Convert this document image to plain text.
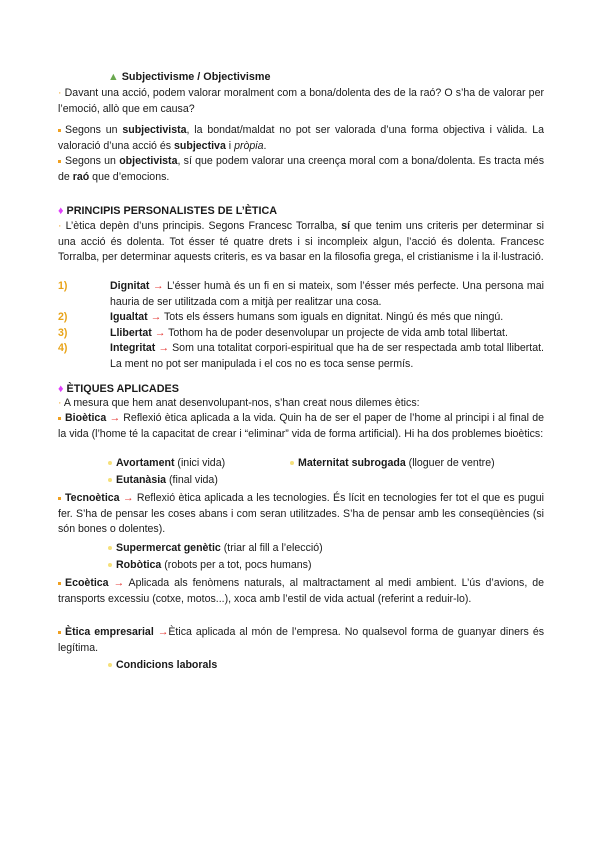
▲ Subjectivisme / Objectivisme
· Davant una acció, podem valorar moralment com a bona/dolenta des de la raó? O s’ha de valorar per l’emoció, allò que em causa?
Segons un subjectivista, la bondat/maldat no pot ser valorada d’una forma objectiva i vàlida. La valoració d’una acció és subjectiva i pròpia.
Segons un objectivista, sí que podem valorar una creença moral com a bona/dolenta. Es tracta més de raó que d’emocions.
♦ PRINCIPIS PERSONALISTES DE L’ÈTICA
· L’ètica depèn d’uns principis. Segons Francesc Torralba, sí que tenim uns criteris per determinar si una acció és dolenta. Tot ésser té quatre drets i si incompleix algun, l’acció és dolenta. Francesc Torralba, per determinar aquests criteris, es va basar en la filosofia grega, el cristianisme i la il·lustració.
1)	Dignitat → L’ésser humà és un fi en si mateix, som l’ésser més perfecte. Una persona mai hauria de ser utilitzada com a mitjà per realitzar una cosa.
2)	Igualtat → Tots els éssers humans som iguals en dignitat. Ningú és més que ningú.
3)	Llibertat → Tothom ha de poder desenvolupar un projecte de vida amb total llibertat.
4)	Integritat → Som una totalitat corpori-espiritual que ha de ser respectada amb total llibertat. La ment no pot ser manipulada i el cos no es toca sense permís.
♦ ÈTIQUES APLICADES
· A mesura que hem anat desenvolupant-nos, s’han creat nous dilemes ètics:
Bioètica → Reflexió ètica aplicada a la vida. Quin ha de ser el paper de l’home al principi i al final de la vida (l’home té la capacitat de crear i “eliminar” vida de forma artificial). Hi ha dos problemes bioètics:
Avortament (inici vida)	Maternitat subrogada (lloguer de ventre)
Eutanàsia (final vida)
Tecnoètica → Reflexió ètica aplicada a les tecnologies. És lícit en tecnologies fer tot el que es pugui fer. S’ha de pensar les coses abans i com seran utilitzades. S’ha de pensar amb les conseqüències (si són bones o dolentes).
Supermercat genètic (triar al fill a l’elecció)
Robòtica (robots per a tot, pocs humans)
Ecoètica → Aplicada als fenòmens naturals, al maltractament al medi ambient. L’ús d’avions, de transports excessiu (cotxe, motos...), xoca amb l’estil de vida actual (referint a reduir-lo).
Ètica empresarial →Ètica aplicada al món de l’empresa. No qualsevol forma de guanyar diners és legítima.
Condicions laborals
